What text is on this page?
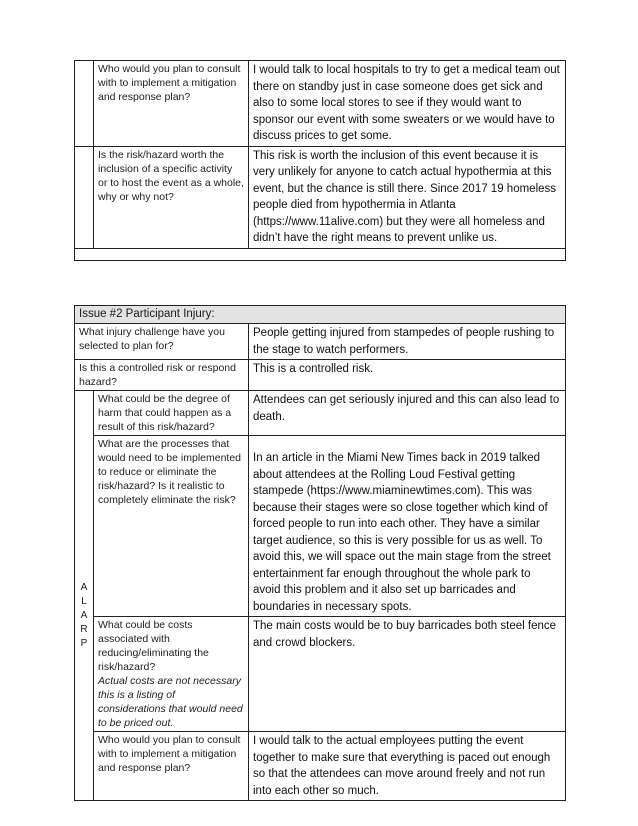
	Who would you plan to consult with to implement a mitigation and response plan?	I would talk to local hospitals to try to get a medical team out there on standby just in case someone does get sick and also to some local stores to see if they would want to sponsor our event with some sweaters or we would have to discuss prices to get some.
	Is the risk/hazard worth the inclusion of a specific activity or to host the event as a whole, why or why not?	This risk is worth the inclusion of this event because it is very unlikely for anyone to catch actual hypothermia at this event, but the chance is still there. Since 2017 19 homeless people died from hypothermia in Atlanta (https://www.11alive.com) but they were all homeless and didn’t have the right means to prevent unlike us.

Issue #2 Participant Injury:		
What injury challenge have you selected to plan for?		People getting injured from stampedes of people rushing to the stage to watch performers.
Is this a controlled risk or respond hazard?		This is a controlled risk.

A
L
A
R
P	What could be the degree of harm that could happen as a result of this risk/hazard?	Attendees can get seriously injured and this can also lead to death.
	What are the processes that would need to be implemented to reduce or eliminate the risk/hazard? Is it realistic to completely eliminate the risk?	In an article in the Miami New Times back in 2019 talked about attendees at the Rolling Loud Festival getting stampede (https://www.miaminewtimes.com). This was because their stages were so close together which kind of forced people to run into each other. They have a similar target audience, so this is very possible for us as well. To avoid this, we will space out the main stage from the street entertainment far enough throughout the whole park to avoid this problem and it also set up barricades and boundaries in necessary spots.
	What could be costs associated with reducing/eliminating the risk/hazard?
Actual costs are not necessary this is a listing of considerations that would need to be priced out.	The main costs would be to buy barricades both steel fence and crowd blockers.
	Who would you plan to consult with to implement a mitigation and response plan?	I would talk to the actual employees putting the event together to make sure that everything is paced out enough so that the attendees can move around freely and not run into each other so much.
